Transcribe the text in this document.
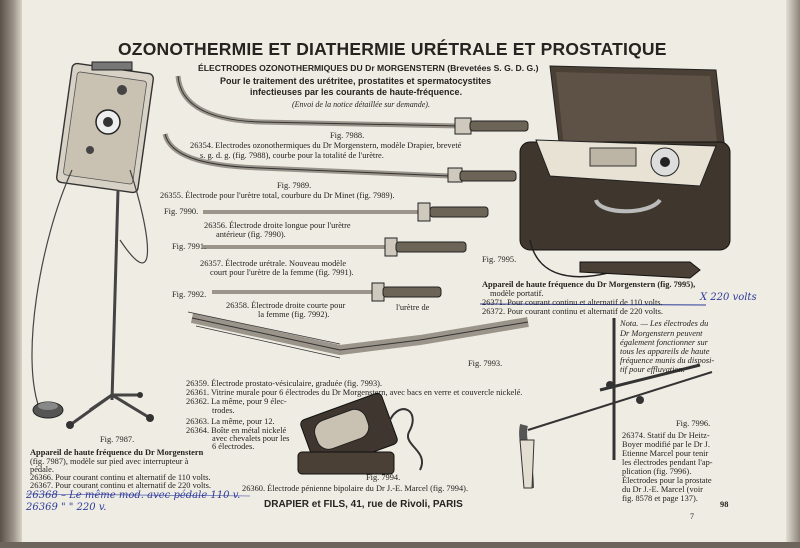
OZONOTHERMIE ET DIATHERMIE URÉTRALE ET PROSTATIQUE
ÉLECTRODES OZONOTHERMIQUES DU Dr MORGENSTERN (Brevetées S. G. D. G.)
Pour le traitement des urétritee, prostatites et spermatocystites
infectieuses par les courants de haute-fréquence.
(Envoi de la notice détaillée sur demande).
Fig. 7988.
26354. Electrodes ozonothermiques du Dr Morgenstern, modèle Drapier, breveté
s. g. d. g. (fig. 7988), courbe pour la totalité de l'urètre.
Fig. 7989.
26355. Électrode pour l'urètre total, courbure du Dr Minet (fig. 7989).
Fig. 7990.
26356. Électrode droite longue pour l'urètre
antérieur (fig. 7990).
Fig. 7991.
26357. Électrode urétrale. Nouveau modèle
court pour l'urètre de la femme (fig. 7991).
Fig. 7992.
26358. Électrode droite courte pour
la femme (fig. 7992).
l'urètre de
Fig. 7993.
26359. Électrode prostato-vésiculaire, graduée (fig. 7993).
26361. Vitrine murale pour 6 électrodes du Dr Morgenstern, avec bacs en verre et couvercle nickelé.
26362. La même, pour 9 élec-
trodes.
26363. La même, pour 12.
26364. Boîte en métal nickelé
avec chevalets pour les
6 électrodes.
Fig. 7994.
26360. Électrode pénienne bipolaire du Dr J.-E. Marcel (fig. 7994).
DRAPIER et FILS, 41, rue de Rivoli, PARIS
Fig. 7987.
Appareil de haute fréquence du Dr Morgenstern
(fig. 7987), modèle sur pied avec interrupteur à
pédale.
26366. Pour courant continu et alternatif de 110 volts.
26367. Pour courant continu et alternatif de 220 volts.
26368 – Le même mod. avec pédale 110 v.
26369 " " 220 v.
Fig. 7995.
Appareil de haute fréquence du Dr Morgenstern (fig. 7995),
modèle portatif.
26371. Pour courant continu et alternatif de 110 volts.
26372. Pour courant continu et alternatif de 220 volts.
X 220 volts
Nota. — Les électrodes du
Dr Morgenstern peuvent
également fonctionner sur
tous les appareils de haute
fréquence munis du disposi-
tif pour effluvation.
Fig. 7996.
26374. Statif du Dr Heitz-
Boyer modifié par le Dr J.
Etienne Marcel pour tenir
les électrodes pendant l'ap-
plication (fig. 7996).
Électrodes pour la prostate
du Dr J.-E. Marcel (voir
fig. 8578 et page 137).
98
7
